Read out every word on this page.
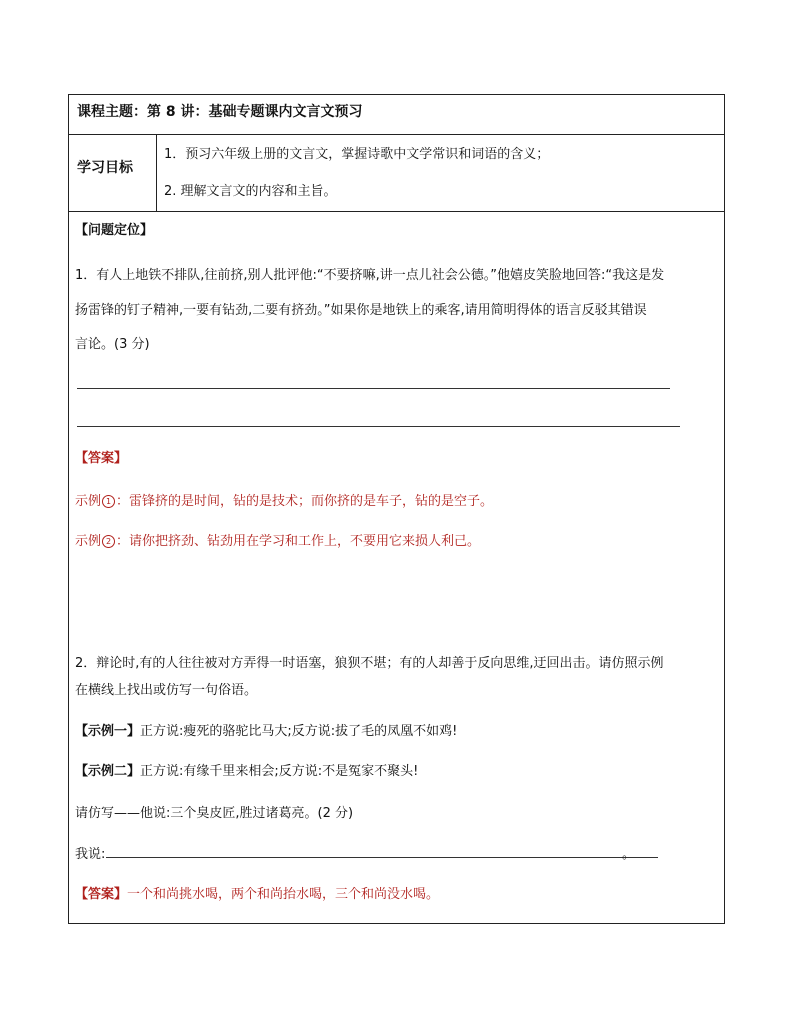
课程主题：第 8 讲：基础专题课内文言文预习
学习目标
1．预习六年级上册的文言文，掌握诗歌中文学常识和词语的含义；
2. 理解文言文的内容和主旨。
【问题定位】
1．有人上地铁不排队,往前挤,别人批评他:“不要挤嘛,讲一点儿社会公德。”他嬉皮笑脸地回答:“我这是发
扬雷锋的钉子精神,一要有钻劲,二要有挤劲。”如果你是地铁上的乘客,请用简明得体的语言反驳其错误
言论。(3 分)
【答案】
示例 1 ：雷锋挤的是时间，钻的是技术；而你挤的是车子，钻的是空子。
示例 2 ：请你把挤劲、钻劲用在学习和工作上，不要用它来损人利己。
2．辩论时,有的人往往被对方弄得一时语塞，狼狈不堪；有的人却善于反向思维,迂回出击。请仿照示例
在横线上找出或仿写一句俗语。
【示例一】正方说:瘦死的骆驼比马大;反方说:拔了毛的凤凰不如鸡!
【示例二】正方说:有缘千里来相会;反方说:不是冤家不聚头!
请仿写——他说:三个臭皮匠,胜过诸葛亮。(2 分)
我说:	。
【答案】一个和尚挑水喝，两个和尚抬水喝，三个和尚没水喝。
